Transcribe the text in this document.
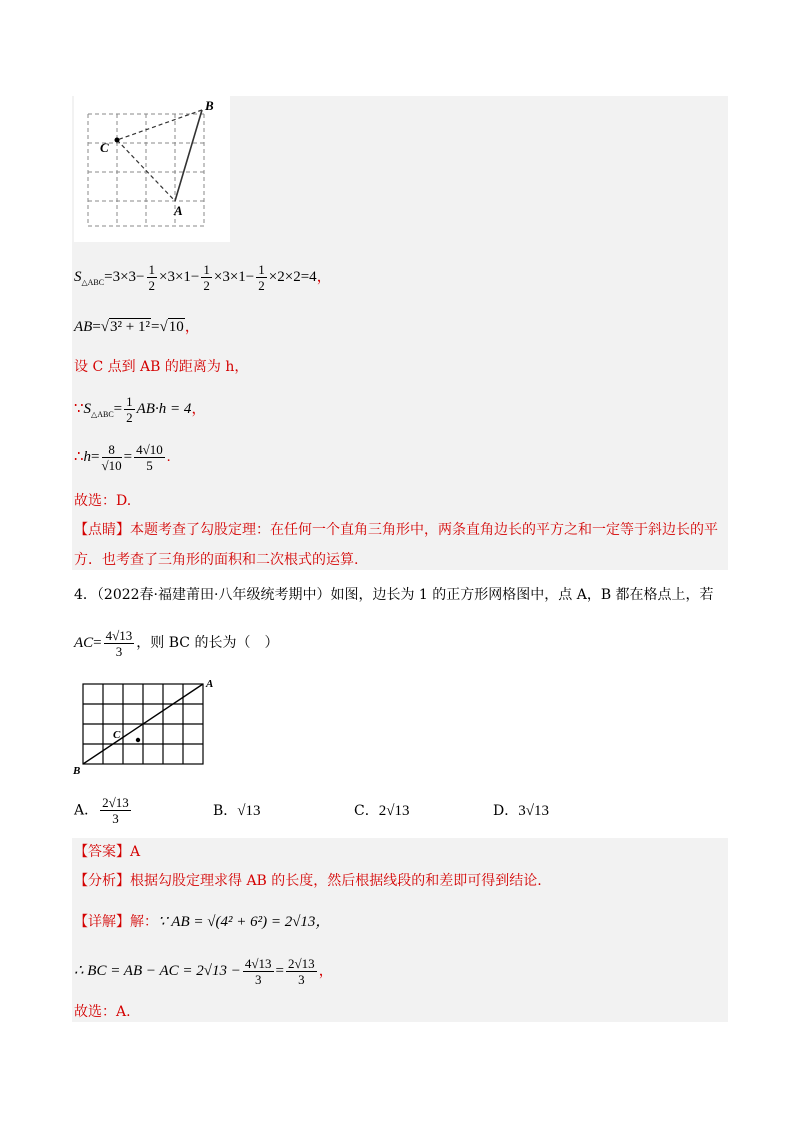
B
C
A
$S_{\triangle ABC}=3\times 3- \frac{1}{2} \times 3\times 1- \frac{1}{2} \times 3\times 1- \frac{1}{2} \times 2\times 2=4$，
AB=√3² + 1²=√10，
设 C 点到 AB 的距离为 h，
$\because S_{\triangle ABC}= \frac{1}{2} AB\cdot h = 4$，
∴h= $\frac{8}{√10} = \frac{4√10}{5}$ .
故选：D.
【点睛】本题考查了勾股定理：在任何一个直角三角形中，两条直角边长的平方之和一定等于斜边长的平
方．也考查了三角形的面积和二次根式的运算.
4．（2022春·福建莆田·八年级统考期中）如图，边长为 1 的正方形网格图中，点 A，B 都在格点上，若
$AC= \frac{4√13}{3}$ ，则 BC 的长为（　）
A
B
C
A． $\frac{2√13}{3}$	B．√13	C．2√13	D．3√13
【答案】A
【分析】根据勾股定理求得 AB 的长度，然后根据线段的和差即可得到结论.
【详解】解：∵ AB = √(4² + 6²) = 2√13，
∴ BC = AB − AC = $2√13 - \frac{4√13}{3} = \frac{2√13}{3}$ ，
故选：A.
